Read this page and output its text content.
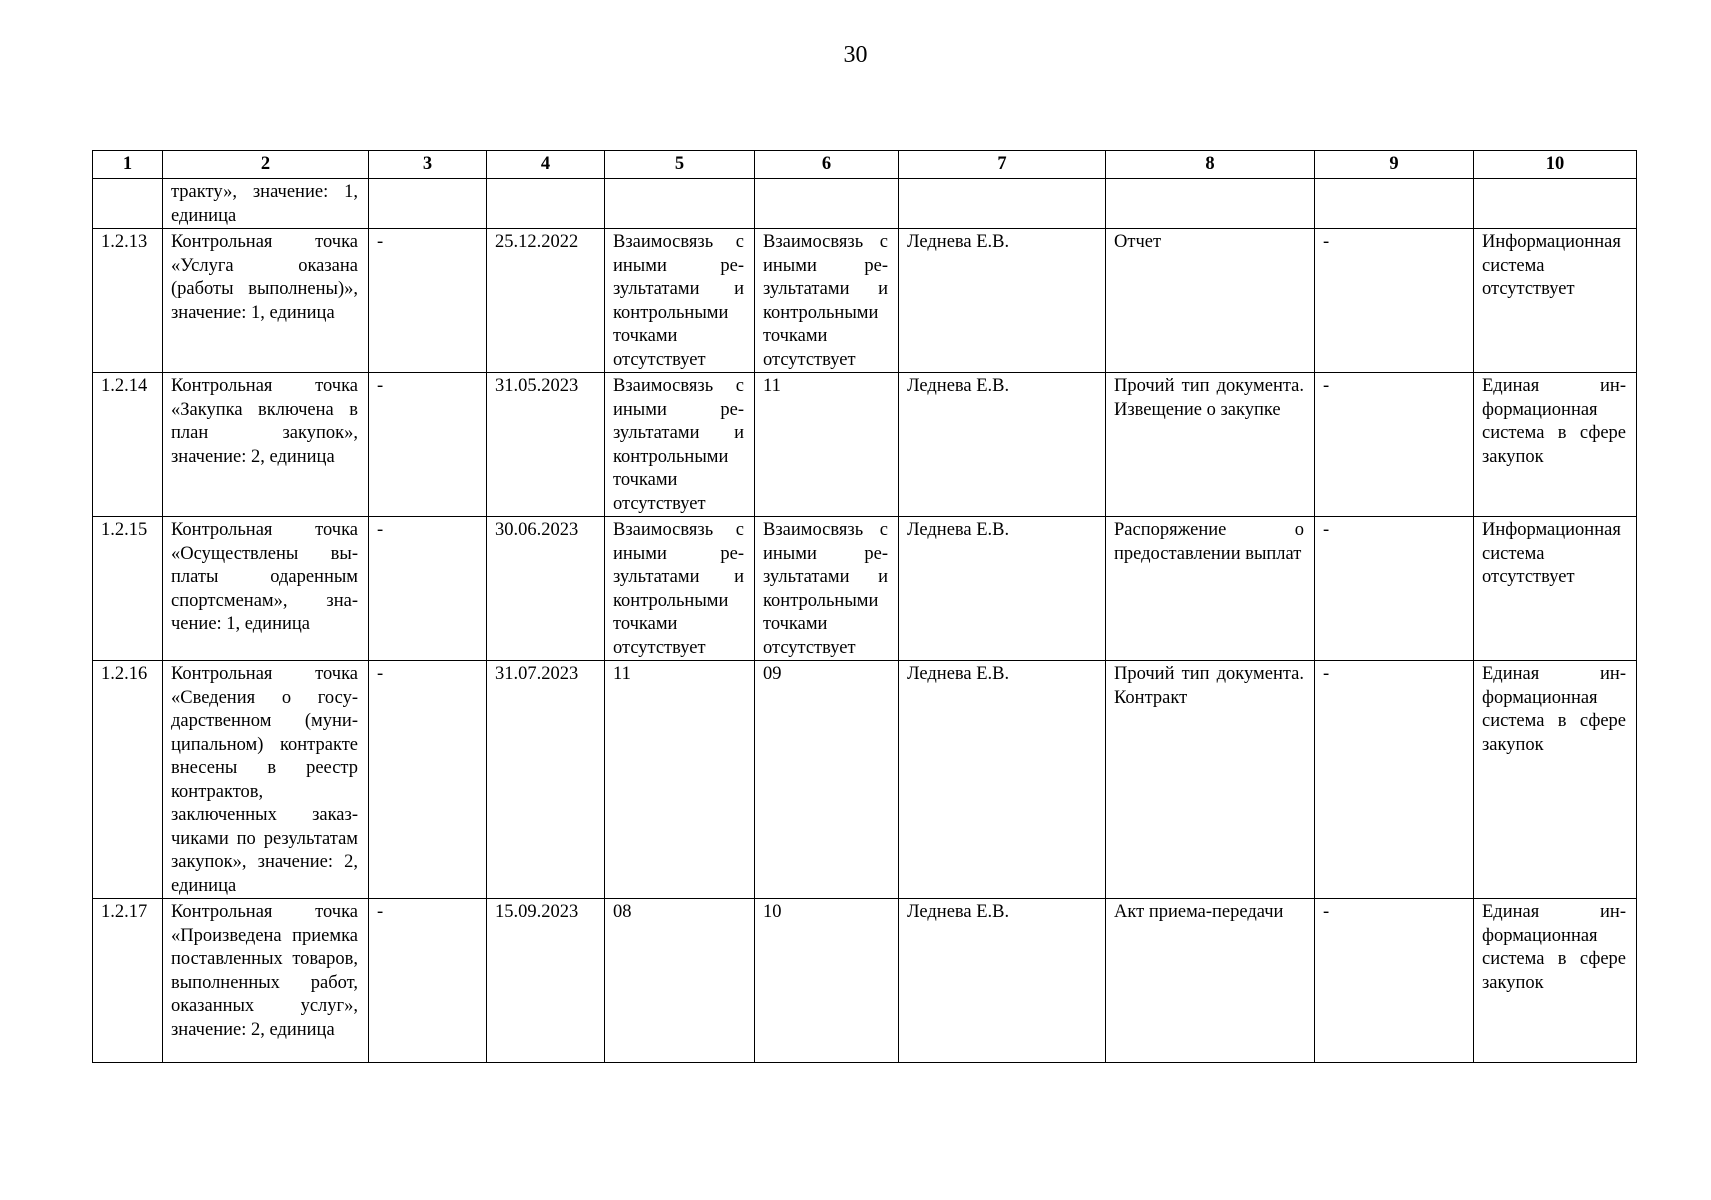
30
1	2	3	4	5	6	7	8	9	10
	тракту», значение: 1, единица								
1.2.13	Контрольная точка «Услуга оказана (работы выполнены)», значение: 1, единица	-	25.12.2022	Взаимосвязь с иными результатами и контрольными точками отсутствует	Взаимосвязь с иными результатами и контрольными точками отсутствует	Леднева Е.В.	Отчет	-	Информационная система отсутствует
1.2.14	Контрольная точка «Закупка включена в план закупок», значение: 2, единица	-	31.05.2023	Взаимосвязь с иными результатами и контрольными точками отсутствует	11	Леднева Е.В.	Прочий тип документа. Извещение о закупке	-	Единая информационная система в сфере закупок
1.2.15	Контрольная точка «Осуществлены выплаты одаренным спортсменам», значение: 1, единица	-	30.06.2023	Взаимосвязь с иными результатами и контрольными точками отсутствует	Взаимосвязь с иными результатами и контрольными точками отсутствует	Леднева Е.В.	Распоряжение о предоставлении выплат	-	Информационная система отсутствует
1.2.16	Контрольная точка «Сведения о государственном (муниципальном) контракте внесены в реестр контрактов, заключенных заказчиками по результатам закупок», значение: 2, единица	-	31.07.2023	11	09	Леднева Е.В.	Прочий тип документа. Контракт	-	Единая информационная система в сфере закупок
1.2.17	Контрольная точка «Произведена приемка поставленных товаров, выполненных работ, оказанных услуг», значение: 2, единица	-	15.09.2023	08	10	Леднева Е.В.	Акт приема-передачи	-	Единая информационная система в сфере закупок
